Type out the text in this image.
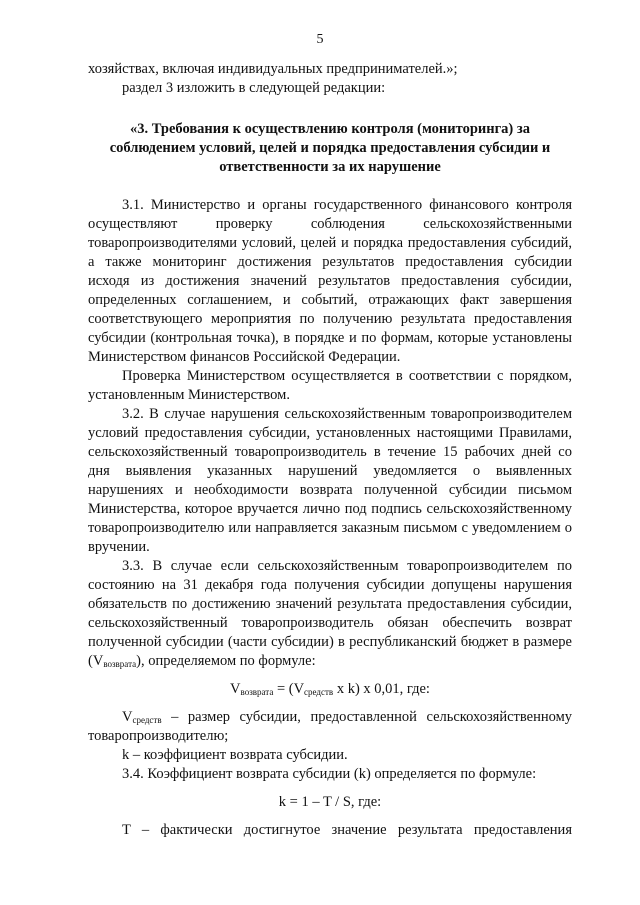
5

хозяйствах, включая индивидуальных предпринимателей.»;

раздел 3 изложить в следующей редакции:

«3. Требования к осуществлению контроля (мониторинга) за соблюдением условий, целей и порядка предоставления субсидии и ответственности за их нарушение

3.1. Министерство и органы государственного финансового контроля осуществляют проверку соблюдения сельскохозяйственными товаропроизводителями условий, целей и порядка предоставления субсидий, а также мониторинг достижения результатов предоставления субсидии исходя из достижения значений результатов предоставления субсидии, определенных соглашением, и событий, отражающих факт завершения соответствующего мероприятия по получению результата предоставления субсидии (контрольная точка), в порядке и по формам, которые установлены Министерством финансов Российской Федерации.

Проверка Министерством осуществляется в соответствии с порядком, установленным Министерством.

3.2. В случае нарушения сельскохозяйственным товаропроизводителем условий предоставления субсидии, установленных настоящими Правилами, сельскохозяйственный товаропроизводитель в течение 15 рабочих дней со дня выявления указанных нарушений уведомляется о выявленных нарушениях и необходимости возврата полученной субсидии письмом Министерства, которое вручается лично под подпись сельскохозяйственному товаропроизводителю или направляется заказным письмом с уведомлением о вручении.

3.3. В случае если сельскохозяйственным товаропроизводителем по состоянию на 31 декабря года получения субсидии допущены нарушения обязательств по достижению значений результата предоставления субсидии, сельскохозяйственный товаропроизводитель обязан обеспечить возврат полученной субсидии (части субсидии) в республиканский бюджет в размере $(V_{возврата})$, определяемом по формуле:

$V_{возврата} = (V_{средств}$ x k) x 0,01, где:

$V_{средств}$ – размер субсидии, предоставленной сельскохозяйственному товаропроизводителю;

k – коэффициент возврата субсидии.

3.4. Коэффициент возврата субсидии (k) определяется по формуле:

k = 1 – T / S, где:

T – фактически достигнутое значение результата предоставления
